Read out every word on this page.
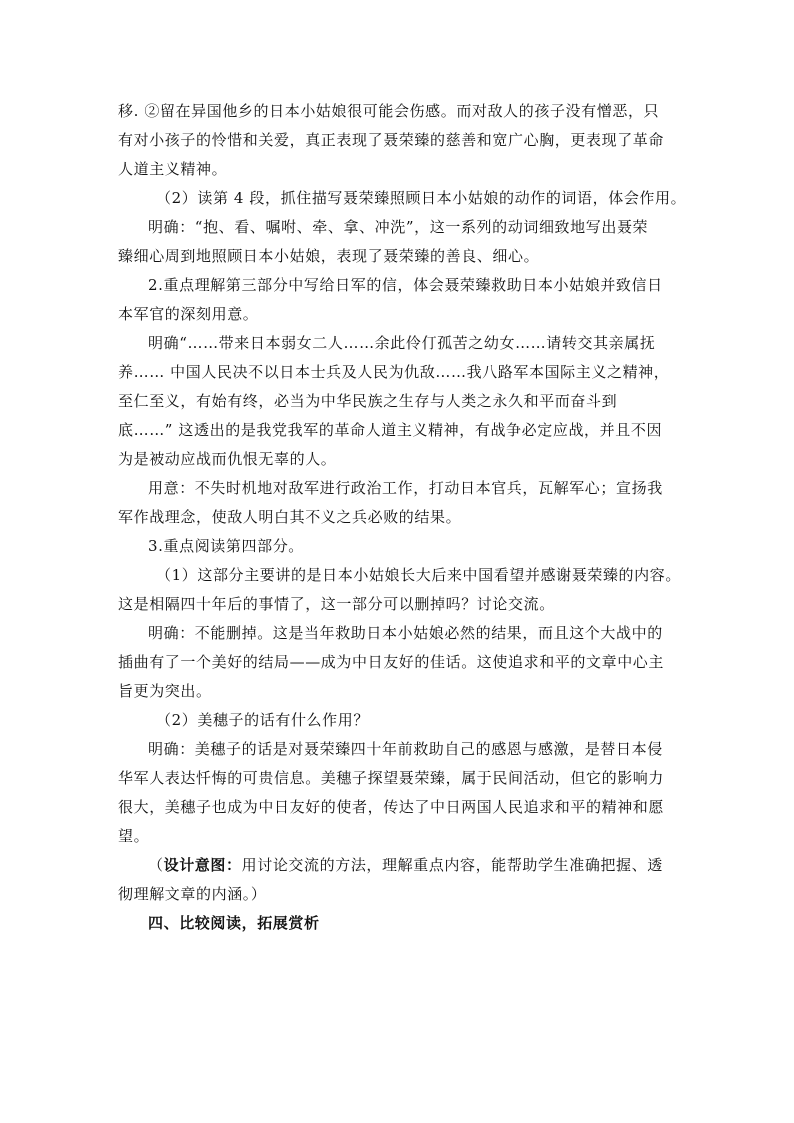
移. ②留在异国他乡的日本小姑娘很可能会伤感。而对敌人的孩子没有憎恶，只
有对小孩子的怜惜和关爱，真正表现了聂荣臻的慈善和宽广心胸，更表现了革命
人道主义精神。
（2）读第 4 段，抓住描写聂荣臻照顾日本小姑娘的动作的词语，体会作用。
明确：“抱、看、嘱咐、牵、拿、冲洗”，这一系列的动词细致地写出聂荣
臻细心周到地照顾日本小姑娘，表现了聂荣臻的善良、细心。
2.重点理解第三部分中写给日军的信，体会聂荣臻救助日本小姑娘并致信日
本军官的深刻用意。
明确“……带来日本弱女二人……余此伶仃孤苦之幼女……请转交其亲属抚
养…… 中国人民决不以日本士兵及人民为仇敌……我八路军本国际主义之精神，
至仁至义，有始有终，必当为中华民族之生存与人类之永久和平而奋斗到
底……” 这透出的是我党我军的革命人道主义精神，有战争必定应战，并且不因
为是被动应战而仇恨无辜的人。
用意：不失时机地对敌军进行政治工作，打动日本官兵，瓦解军心；宣扬我
军作战理念，使敌人明白其不义之兵必败的结果。
3.重点阅读第四部分。
（1）这部分主要讲的是日本小姑娘长大后来中国看望并感谢聂荣臻的内容。
这是相隔四十年后的事情了，这一部分可以删掉吗？讨论交流。
明确：不能删掉。这是当年救助日本小姑娘必然的结果，而且这个大战中的
插曲有了一个美好的结局——成为中日友好的佳话。这使追求和平的文章中心主
旨更为突出。
（2）美穗子的话有什么作用？
明确：美穗子的话是对聂荣臻四十年前救助自己的感恩与感激，是替日本侵
华军人表达忏悔的可贵信息。美穗子探望聂荣臻，属于民间活动，但它的影响力
很大，美穗子也成为中日友好的使者，传达了中日两国人民追求和平的精神和愿
望。
（设计意图：用讨论交流的方法，理解重点内容，能帮助学生准确把握、透
彻理解文章的内涵。）
四、比较阅读，拓展赏析
